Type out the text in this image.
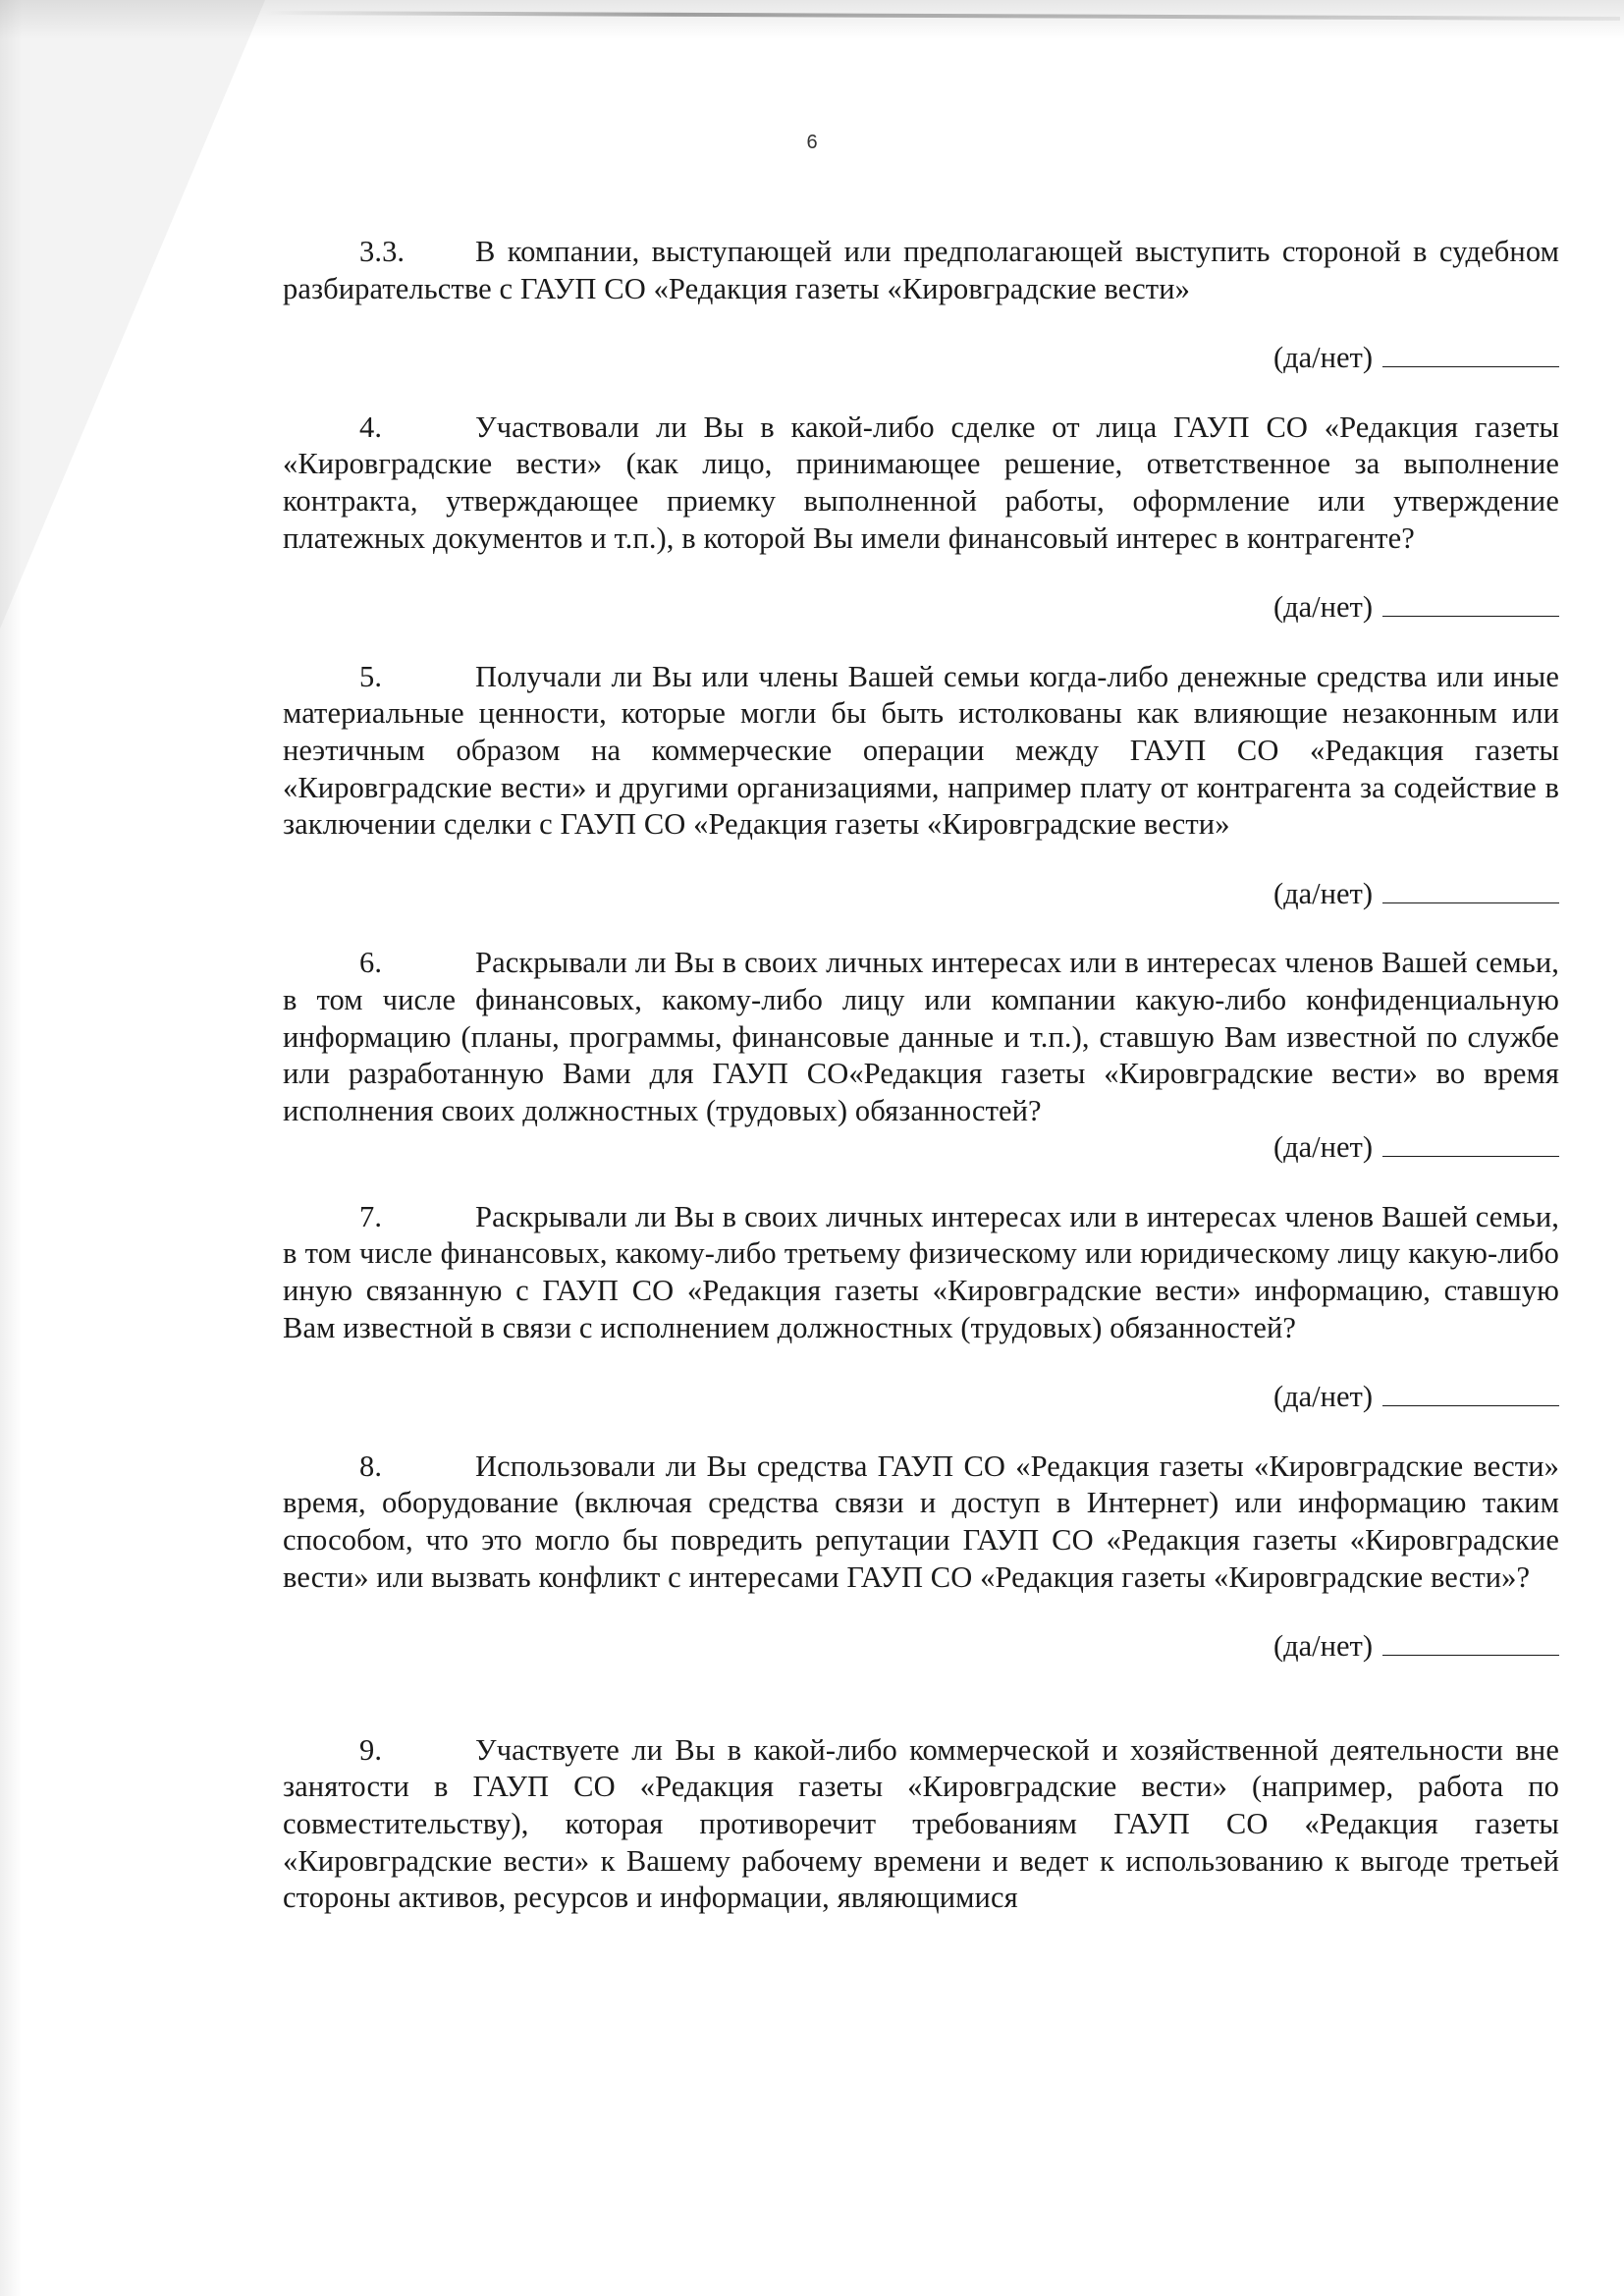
6

3.3. В компании, выступающей или предполагающей выступить стороной в судебном разбирательстве с ГАУП СО «Редакция газеты «Кировградские вести»

(да/нет)

4.	Участвовали ли Вы в какой-либо сделке от лица ГАУП СО «Редакция газеты «Кировградские вести» (как лицо, принимающее решение, ответственное за выполнение контракта, утверждающее приемку выполненной работы, оформление или утверждение платежных документов и т.п.), в которой Вы имели финансовый интерес в контрагенте?

(да/нет)

5.	Получали ли Вы или члены Вашей семьи когда-либо денежные средства или иные материальные ценности, которые могли бы быть истолкованы как влияющие незаконным или неэтичным образом на коммерческие операции между ГАУП СО «Редакция газеты «Кировградские вести» и другими организациями, например плату от контрагента за содействие в заключении сделки с ГАУП СО «Редакция газеты «Кировградские вести»

(да/нет)

6.	Раскрывали ли Вы в своих личных интересах или в интересах членов Вашей семьи, в том числе финансовых, какому-либо лицу или компании какую-либо конфиденциальную информацию (планы, программы, финансовые данные и т.п.), ставшую Вам известной по службе или разработанную Вами для ГАУП СО«Редакция газеты «Кировградские вести» во время исполнения своих должностных (трудовых) обязанностей?

(да/нет)

7.	Раскрывали ли Вы в своих личных интересах или в интересах членов Вашей семьи, в том числе финансовых, какому-либо третьему физическому или юридическому лицу какую-либо иную связанную с ГАУП СО «Редакция газеты «Кировградские вести» информацию, ставшую Вам известной в связи с исполнением должностных (трудовых) обязанностей?

(да/нет)

8.	Использовали ли Вы средства ГАУП СО «Редакция газеты «Кировградские вести» время, оборудование (включая средства связи и доступ в Интернет) или информацию таким способом, что это могло бы повредить репутации ГАУП СО «Редакция газеты «Кировградские вести» или вызвать конфликт с интересами ГАУП СО «Редакция газеты «Кировградские вести»?

(да/нет)

9.	Участвуете ли Вы в какой-либо коммерческой и хозяйственной деятельности вне занятости в ГАУП СО «Редакция газеты «Кировградские вести» (например, работа по совместительству), которая противоречит требованиям ГАУП СО «Редакция газеты «Кировградские вести» к Вашему рабочему времени и ведет к использованию к выгоде третьей стороны активов, ресурсов и информации, являющимися
